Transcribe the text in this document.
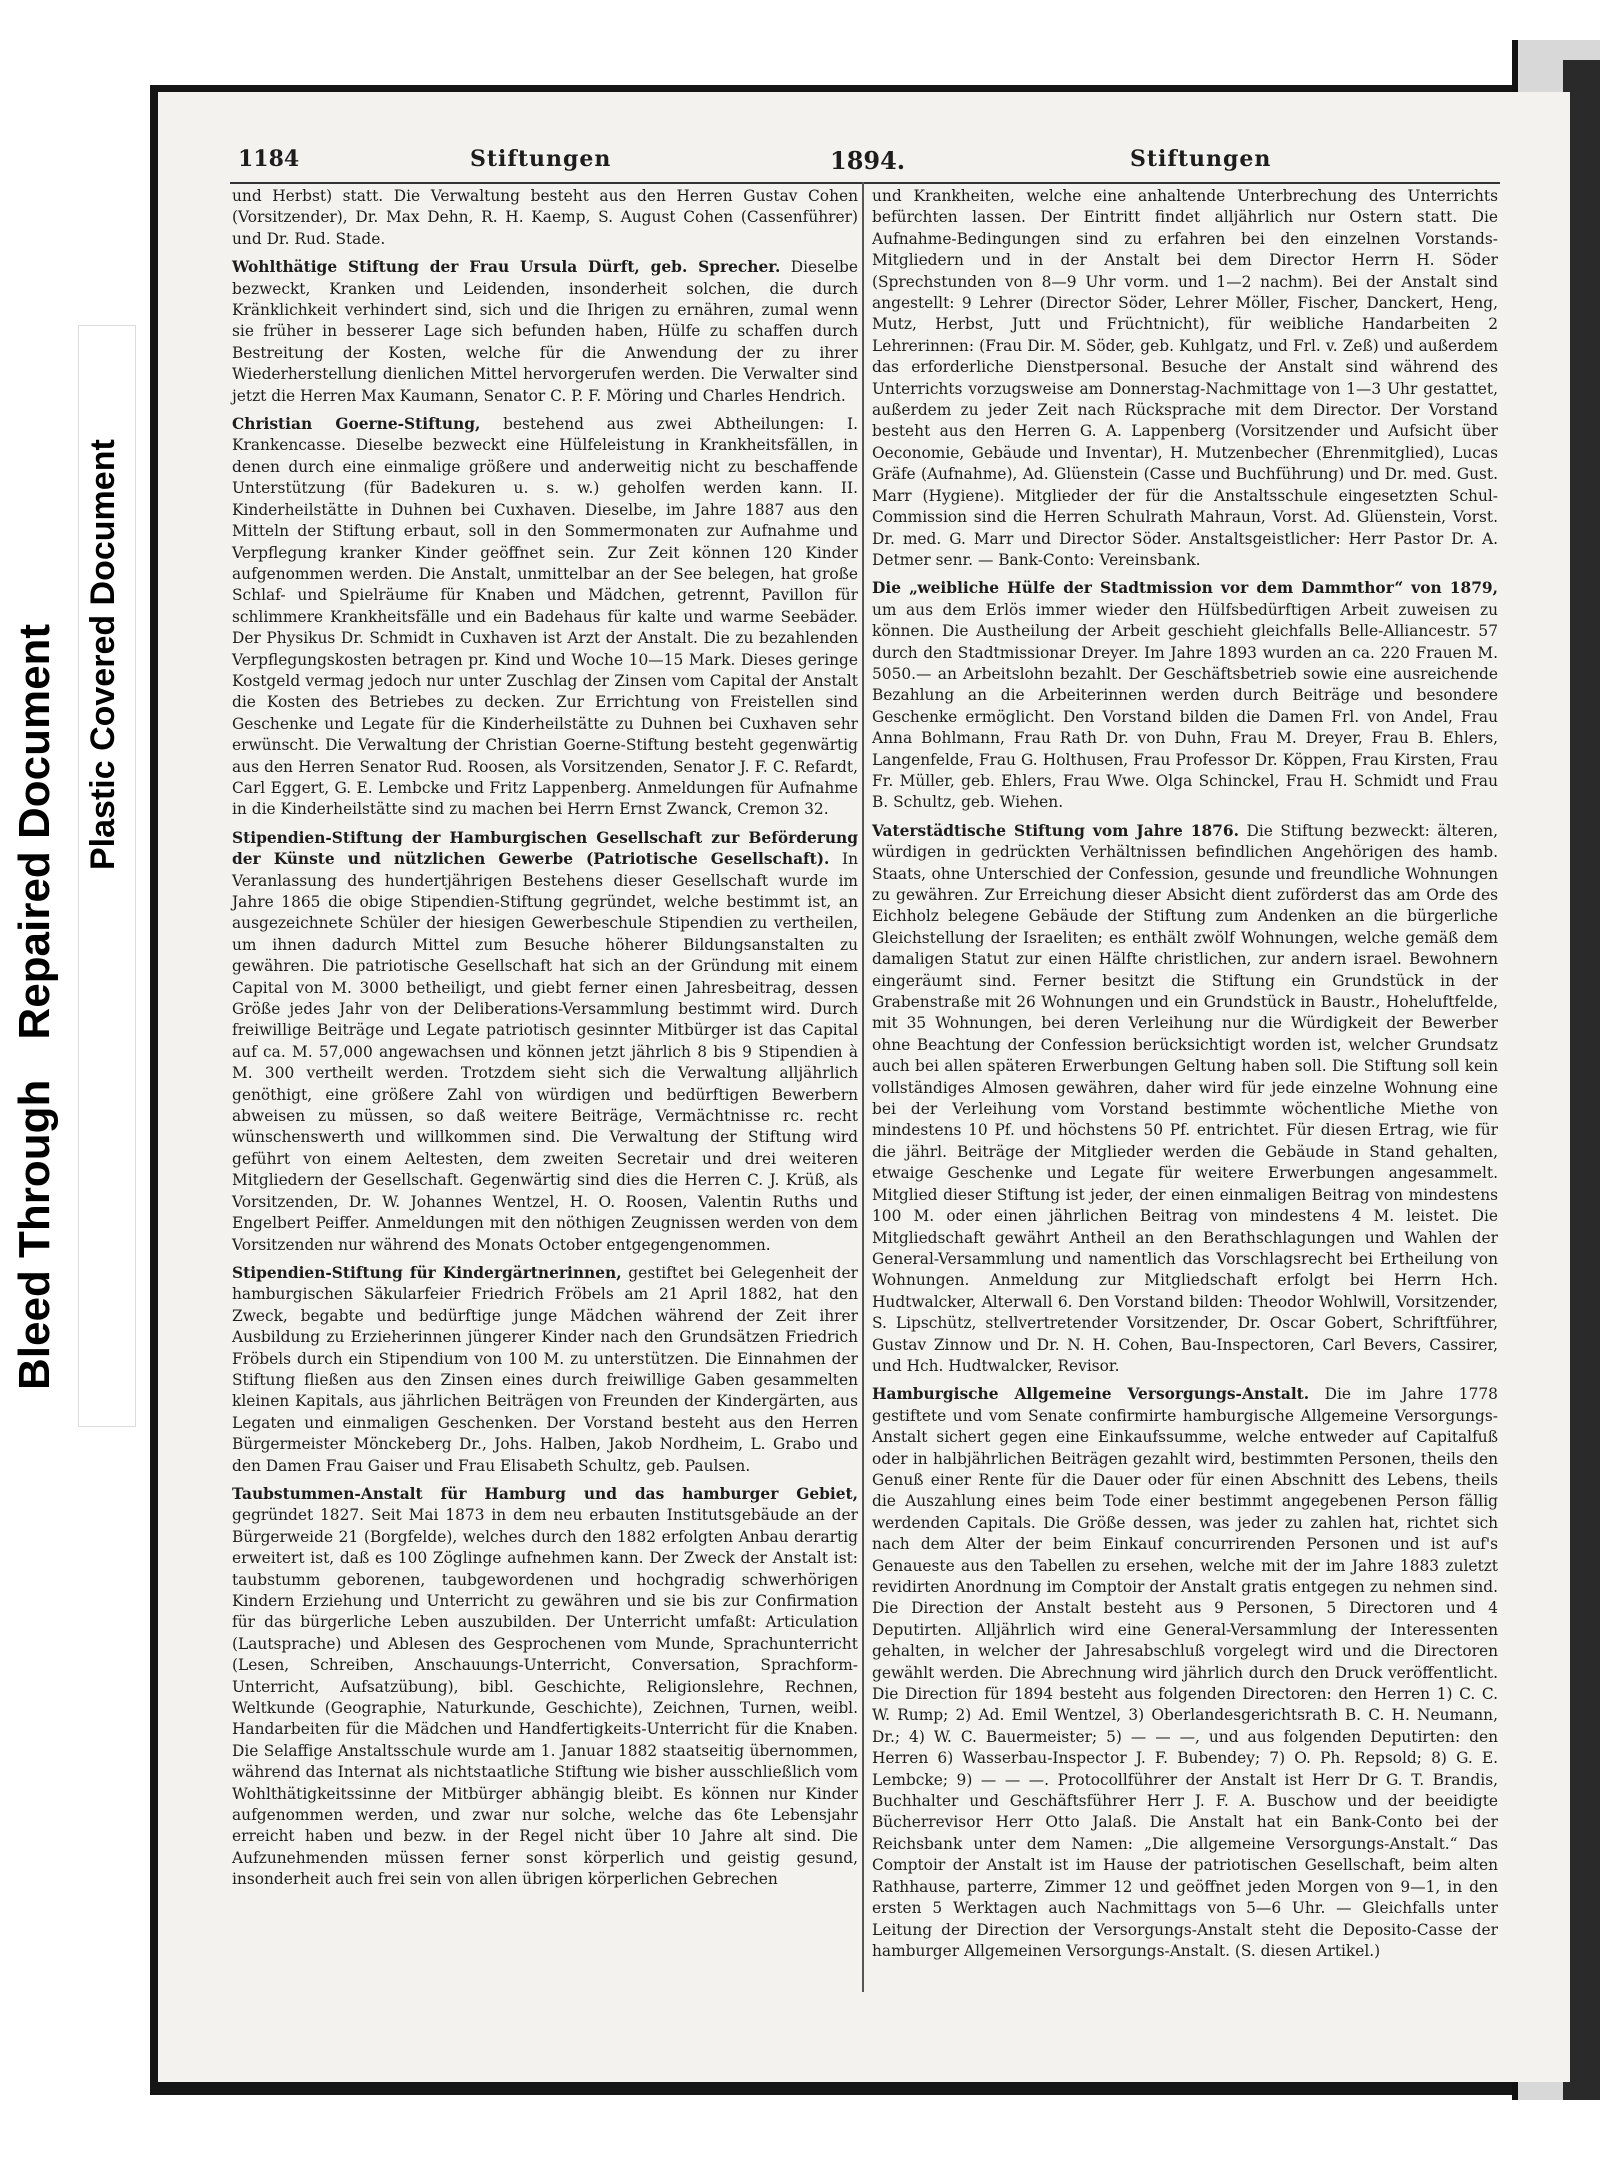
Bleed ThroughRepaired Document Plastic Covered Document
1184	Stiftungen	1894.	Stiftungen

und Herbst) statt. Die Verwaltung besteht aus den Herren Gustav Cohen (Vorsitzender), Dr. Max Dehn, R. H. Kaemp, S. August Cohen (Cassenführer) und Dr. Rud. Stade.

Wohlthätige Stiftung der Frau Ursula Dürft, geb. Sprecher. Dieselbe bezweckt, Kranken und Leidenden, insonderheit solchen, die durch Kränklichkeit verhindert sind, sich und die Ihrigen zu ernähren, zumal wenn sie früher in besserer Lage sich befunden haben, Hülfe zu schaffen durch Bestreitung der Kosten, welche für die Anwendung der zu ihrer Wiederherstellung dienlichen Mittel hervorgerufen werden. Die Verwalter sind jetzt die Herren Max Kaumann, Senator C. P. F. Möring und Charles Hendrich.

Christian Goerne-Stiftung, bestehend aus zwei Abtheilungen: I. Krankencasse. Dieselbe bezweckt eine Hülfeleistung in Krankheitsfällen, in denen durch eine einmalige größere und anderweitig nicht zu beschaffende Unterstützung (für Badekuren u. s. w.) geholfen werden kann. II. Kinderheilstätte in Duhnen bei Cuxhaven. Dieselbe, im Jahre 1887 aus den Mitteln der Stiftung erbaut, soll in den Sommermonaten zur Aufnahme und Verpflegung kranker Kinder geöffnet sein. Zur Zeit können 120 Kinder aufgenommen werden. Die Anstalt, unmittelbar an der See belegen, hat große Schlaf- und Spielräume für Knaben und Mädchen, getrennt, Pavillon für schlimmere Krankheitsfälle und ein Badehaus für kalte und warme Seebäder. Der Physikus Dr. Schmidt in Cuxhaven ist Arzt der Anstalt. Die zu bezahlenden Verpflegungskosten betragen pr. Kind und Woche 10—15 Mark. Dieses geringe Kostgeld vermag jedoch nur unter Zuschlag der Zinsen vom Capital der Anstalt die Kosten des Betriebes zu decken. Zur Errichtung von Freistellen sind Geschenke und Legate für die Kinderheilstätte zu Duhnen bei Cuxhaven sehr erwünscht. Die Verwaltung der Christian Goerne-Stiftung besteht gegenwärtig aus den Herren Senator Rud. Roosen, als Vorsitzenden, Senator J. F. C. Refardt, Carl Eggert, G. E. Lembcke und Fritz Lappenberg. Anmeldungen für Aufnahme in die Kinderheilstätte sind zu machen bei Herrn Ernst Zwanck, Cremon 32.

Stipendien-Stiftung der Hamburgischen Gesellschaft zur Beförderung der Künste und nützlichen Gewerbe (Patriotische Gesellschaft). In Veranlassung des hundertjährigen Bestehens dieser Gesellschaft wurde im Jahre 1865 die obige Stipendien-Stiftung gegründet, welche bestimmt ist, an ausgezeichnete Schüler der hiesigen Gewerbeschule Stipendien zu vertheilen, um ihnen dadurch Mittel zum Besuche höherer Bildungsanstalten zu gewähren. Die patriotische Gesellschaft hat sich an der Gründung mit einem Capital von M. 3000 betheiligt, und giebt ferner einen Jahresbeitrag, dessen Größe jedes Jahr von der Deliberations-Versammlung bestimmt wird. Durch freiwillige Beiträge und Legate patriotisch gesinnter Mitbürger ist das Capital auf ca. M. 57,000 angewachsen und können jetzt jährlich 8 bis 9 Stipendien à M. 300 vertheilt werden. Trotzdem sieht sich die Verwaltung alljährlich genöthigt, eine größere Zahl von würdigen und bedürftigen Bewerbern abweisen zu müssen, so daß weitere Beiträge, Vermächtnisse rc. recht wünschenswerth und willkommen sind. Die Verwaltung der Stiftung wird geführt von einem Aeltesten, dem zweiten Secretair und drei weiteren Mitgliedern der Gesellschaft. Gegenwärtig sind dies die Herren C. J. Krüß, als Vorsitzenden, Dr. W. Johannes Wentzel, H. O. Roosen, Valentin Ruths und Engelbert Peiffer. Anmeldungen mit den nöthigen Zeugnissen werden von dem Vorsitzenden nur während des Monats October entgegengenommen.

Stipendien-Stiftung für Kindergärtnerinnen, gestiftet bei Gelegenheit der hamburgischen Säkularfeier Friedrich Fröbels am 21 April 1882, hat den Zweck, begabte und bedürftige junge Mädchen während der Zeit ihrer Ausbildung zu Erzieherinnen jüngerer Kinder nach den Grundsätzen Friedrich Fröbels durch ein Stipendium von 100 M. zu unterstützen. Die Einnahmen der Stiftung fließen aus den Zinsen eines durch freiwillige Gaben gesammelten kleinen Kapitals, aus jährlichen Beiträgen von Freunden der Kindergärten, aus Legaten und einmaligen Geschenken. Der Vorstand besteht aus den Herren Bürgermeister Mönckeberg Dr., Johs. Halben, Jakob Nordheim, L. Grabo und den Damen Frau Gaiser und Frau Elisabeth Schultz, geb. Paulsen.

Taubstummen-Anstalt für Hamburg und das hamburger Gebiet, gegründet 1827. Seit Mai 1873 in dem neu erbauten Institutsgebäude an der Bürgerweide 21 (Borgfelde), welches durch den 1882 erfolgten Anbau derartig erweitert ist, daß es 100 Zöglinge aufnehmen kann. Der Zweck der Anstalt ist: taubstumm geborenen, taubgewordenen und hochgradig schwerhörigen Kindern Erziehung und Unterricht zu gewähren und sie bis zur Confirmation für das bürgerliche Leben auszubilden. Der Unterricht umfaßt: Articulation (Lautsprache) und Ablesen des Gesprochenen vom Munde, Sprachunterricht (Lesen, Schreiben, Anschauungs-Unterricht, Conversation, Sprachform-Unterricht, Aufsatzübung), bibl. Geschichte, Religionslehre, Rechnen, Weltkunde (Geographie, Naturkunde, Geschichte), Zeichnen, Turnen, weibl. Handarbeiten für die Mädchen und Handfertigkeits-Unterricht für die Knaben. Die Selaffige Anstaltsschule wurde am 1. Januar 1882 staatseitig übernommen, während das Internat als nichtstaatliche Stiftung wie bisher ausschließlich vom Wohlthätigkeitssinne der Mitbürger abhängig bleibt. Es können nur Kinder aufgenommen werden, und zwar nur solche, welche das 6te Lebensjahr erreicht haben und bezw. in der Regel nicht über 10 Jahre alt sind. Die Aufzunehmenden müssen ferner sonst körperlich und geistig gesund, insonderheit auch frei sein von allen übrigen körperlichen Gebrechen

und Krankheiten, welche eine anhaltende Unterbrechung des Unterrichts befürchten lassen. Der Eintritt findet alljährlich nur Ostern statt. Die Aufnahme-Bedingungen sind zu erfahren bei den einzelnen Vorstands-Mitgliedern und in der Anstalt bei dem Director Herrn H. Söder (Sprechstunden von 8—9 Uhr vorm. und 1—2 nachm). Bei der Anstalt sind angestellt: 9 Lehrer (Director Söder, Lehrer Möller, Fischer, Danckert, Heng, Mutz, Herbst, Jutt und Früchtnicht), für weibliche Handarbeiten 2 Lehrerinnen: (Frau Dir. M. Söder, geb. Kuhlgatz, und Frl. v. Zeß) und außerdem das erforderliche Dienstpersonal. Besuche der Anstalt sind während des Unterrichts vorzugsweise am Donnerstag-Nachmittage von 1—3 Uhr gestattet, außerdem zu jeder Zeit nach Rücksprache mit dem Director. Der Vorstand besteht aus den Herren G. A. Lappenberg (Vorsitzender und Aufsicht über Oeconomie, Gebäude und Inventar), H. Mutzenbecher (Ehrenmitglied), Lucas Gräfe (Aufnahme), Ad. Glüenstein (Casse und Buchführung) und Dr. med. Gust. Marr (Hygiene). Mitglieder der für die Anstaltsschule eingesetzten Schul-Commission sind die Herren Schulrath Mahraun, Vorst. Ad. Glüenstein, Vorst. Dr. med. G. Marr und Director Söder. Anstaltsgeistlicher: Herr Pastor Dr. A. Detmer senr. — Bank-Conto: Vereinsbank.

Die „weibliche Hülfe der Stadtmission vor dem Dammthor“ von 1879, um aus dem Erlös immer wieder den Hülfsbedürftigen Arbeit zuweisen zu können. Die Austheilung der Arbeit geschieht gleichfalls Belle-Alliancestr. 57 durch den Stadtmissionar Dreyer. Im Jahre 1893 wurden an ca. 220 Frauen M. 5050.— an Arbeitslohn bezahlt. Der Geschäftsbetrieb sowie eine ausreichende Bezahlung an die Arbeiterinnen werden durch Beiträge und besondere Geschenke ermöglicht. Den Vorstand bilden die Damen Frl. von Andel, Frau Anna Bohlmann, Frau Rath Dr. von Duhn, Frau M. Dreyer, Frau B. Ehlers, Langenfelde, Frau G. Holthusen, Frau Professor Dr. Köppen, Frau Kirsten, Frau Fr. Müller, geb. Ehlers, Frau Wwe. Olga Schinckel, Frau H. Schmidt und Frau B. Schultz, geb. Wiehen.

Vaterstädtische Stiftung vom Jahre 1876. Die Stiftung bezweckt: älteren, würdigen in gedrückten Verhältnissen befindlichen Angehörigen des hamb. Staats, ohne Unterschied der Confession, gesunde und freundliche Wohnungen zu gewähren. Zur Erreichung dieser Absicht dient zuförderst das am Orde des Eichholz belegene Gebäude der Stiftung zum Andenken an die bürgerliche Gleichstellung der Israeliten; es enthält zwölf Wohnungen, welche gemäß dem damaligen Statut zur einen Hälfte christlichen, zur andern israel. Bewohnern eingeräumt sind. Ferner besitzt die Stiftung ein Grundstück in der Grabenstraße mit 26 Wohnungen und ein Grundstück in Baustr., Hoheluftfelde, mit 35 Wohnungen, bei deren Verleihung nur die Würdigkeit der Bewerber ohne Beachtung der Confession berücksichtigt worden ist, welcher Grundsatz auch bei allen späteren Erwerbungen Geltung haben soll. Die Stiftung soll kein vollständiges Almosen gewähren, daher wird für jede einzelne Wohnung eine bei der Verleihung vom Vorstand bestimmte wöchentliche Miethe von mindestens 10 Pf. und höchstens 50 Pf. entrichtet. Für diesen Ertrag, wie für die jährl. Beiträge der Mitglieder werden die Gebäude in Stand gehalten, etwaige Geschenke und Legate für weitere Erwerbungen angesammelt. Mitglied dieser Stiftung ist jeder, der einen einmaligen Beitrag von mindestens 100 M. oder einen jährlichen Beitrag von mindestens 4 M. leistet. Die Mitgliedschaft gewährt Antheil an den Berathschlagungen und Wahlen der General-Versammlung und namentlich das Vorschlagsrecht bei Ertheilung von Wohnungen. Anmeldung zur Mitgliedschaft erfolgt bei Herrn Hch. Hudtwalcker, Alterwall 6. Den Vorstand bilden: Theodor Wohlwill, Vorsitzender, S. Lipschütz, stellvertretender Vorsitzender, Dr. Oscar Gobert, Schriftführer, Gustav Zinnow und Dr. N. H. Cohen, Bau-Inspectoren, Carl Bevers, Cassirer, und Hch. Hudtwalcker, Revisor.

Hamburgische Allgemeine Versorgungs-Anstalt. Die im Jahre 1778 gestiftete und vom Senate confirmirte hamburgische Allgemeine Versorgungs-Anstalt sichert gegen eine Einkaufssumme, welche entweder auf Capitalfuß oder in halbjährlichen Beiträgen gezahlt wird, bestimmten Personen, theils den Genuß einer Rente für die Dauer oder für einen Abschnitt des Lebens, theils die Auszahlung eines beim Tode einer bestimmt angegebenen Person fällig werdenden Capitals. Die Größe dessen, was jeder zu zahlen hat, richtet sich nach dem Alter der beim Einkauf concurrirenden Personen und ist auf's Genaueste aus den Tabellen zu ersehen, welche mit der im Jahre 1883 zuletzt revidirten Anordnung im Comptoir der Anstalt gratis entgegen zu nehmen sind. Die Direction der Anstalt besteht aus 9 Personen, 5 Directoren und 4 Deputirten. Alljährlich wird eine General-Versammlung der Interessenten gehalten, in welcher der Jahresabschluß vorgelegt wird und die Directoren gewählt werden. Die Abrechnung wird jährlich durch den Druck veröffentlicht. Die Direction für 1894 besteht aus folgenden Directoren: den Herren 1) C. C. W. Rump; 2) Ad. Emil Wentzel, 3) Oberlandesgerichtsrath B. C. H. Neumann, Dr.; 4) W. C. Bauermeister; 5) — — —, und aus folgenden Deputirten: den Herren 6) Wasserbau-Inspector J. F. Bubendey; 7) O. Ph. Repsold; 8) G. E. Lembcke; 9) — — —. Protocollführer der Anstalt ist Herr Dr G. T. Brandis, Buchhalter und Geschäftsführer Herr J. F. A. Buschow und der beeidigte Bücherrevisor Herr Otto Jalaß. Die Anstalt hat ein Bank-Conto bei der Reichsbank unter dem Namen: „Die allgemeine Versorgungs-Anstalt.“ Das Comptoir der Anstalt ist im Hause der patriotischen Gesellschaft, beim alten Rathhause, parterre, Zimmer 12 und geöffnet jeden Morgen von 9—1, in den ersten 5 Werktagen auch Nachmittags von 5—6 Uhr. — Gleichfalls unter Leitung der Direction der Versorgungs-Anstalt steht die Deposito-Casse der hamburger Allgemeinen Versorgungs-Anstalt. (S. diesen Artikel.)
